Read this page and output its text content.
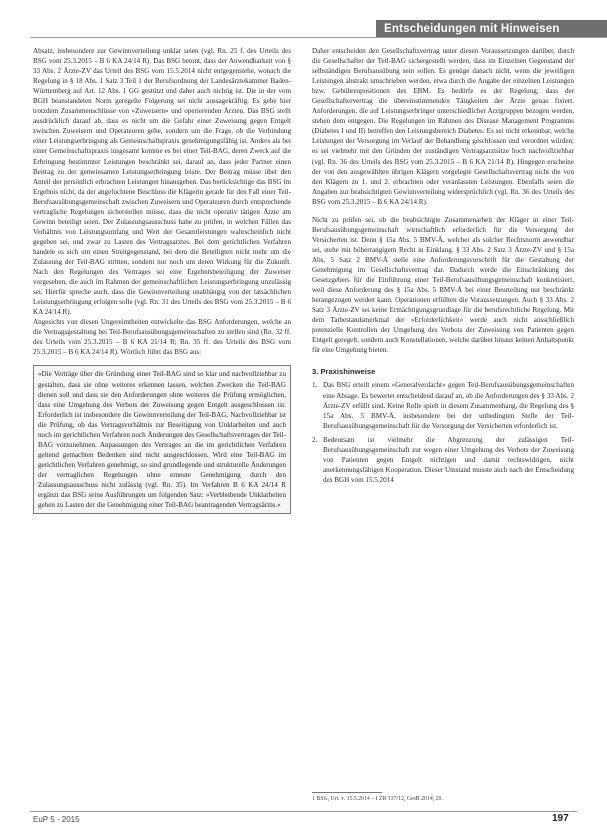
Entscheidungen mit Hinweisen

Absatz, insbesondere zur Gewinnverteilung unklar seien (vgl. Rn. 25 f. des Urteils des BSG vom 25.3.2015 – B 6 KA 24/14 R). Das BSG betont, dass der Anwendbarkeit von § 33 Abs. 2 Ärzte-ZV das Urteil des BSG vom 15.5.2014 nicht entgegenstehe, wonach die Regelung in § 18 Abs. 1 Satz 3 Teil 1 der Berufsordnung der Landesärztekammer Baden-Württemberg auf Art. 12 Abs. 1 GG gestützt und daher auch nichtig ist. Die in der vom BGH beanstandeten Norm geregelte Folgerung sei nicht aussagekräftig. Es gebe hier trotzdem Zusammenschlüsse von »Zuweisern« und operierenden Ärzten. Das BSG stellt ausdrücklich darauf ab, dass es nicht um die Gefahr einer Zuweisung gegen Entgelt zwischen Zuweisern und Operateuren gehe, sondern um die Frage, ob die Verbindung einer Leistungserbringung als Gemeinschaftspraxis genehmigungsfähig ist. Anders als bei einer Gemeinschaftspraxis insgesamt komme es bei einer Teil-BAG, deren Zweck auf die Erbringung bestimmter Leistungen beschränkt sei, darauf an, dass jeder Partner einen Beitrag zu der gemeinsamen Leistungserbringung leiste. Der Beitrag müsse über den Anteil der persönlich erbrachten Leistungen hinausgehen. Das berücksichtige das BSG im Ergebnis nicht, da der angefochtene Beschluss die Klägerin gerade für den Fall einer Teil-Berufsausübungsgemeinschaft zwischen Zuweisern und Operateuren durch entsprechende vertragliche Regelungen sicherstellen müsse, dass die nicht operativ tätigen Ärzte am Gewinn beteiligt seien. Der Zulassungsausschuss habe zu prüfen, in welchen Fällen das Verhältnis von Leistungsumfang und Wert der Gesamtleistungen wahrscheinlich nicht gegeben sei, und zwar zu Lasten des Vertragsarztes. Bei dem gerichtlichen Verfahren handele es sich um einen Streitgegenstand, bei dem die Beteiligten nicht mehr um die Zulassung der Teil-BAG stritten, sondern nur noch um deren Wirkung für die Zukunft. Nach den Regelungen des Vertrages sei eine Ergebnisbeteiligung der Zuweiser vorgesehen, die auch im Rahmen der gemeinschaftlichen Leistungserbringung unzulässig sei. Hierfür spreche auch, dass die Gewinnverteilung unabhängig von der tatsächlichen Leistungserbringung erfolgen solle (vgl. Rn. 31 des Urteils des BSG vom 25.3.2015 – B 6 KA 24/14 R).

Angesichts von diesen Ungereimtheiten entwickelte das BSG Anforderungen, welche an die Vertragsgestaltung bei Teil-Berufsausübungsgemeinschaften zu stellen sind (Rn. 32 ff. des Urteils vom 25.3.2015 – B 6 KA 21/14 R; Rn. 35 ff. des Urteils des BSG vom 25.3.2015 – B 6 KA 24/14 R). Wörtlich führt das BSG aus:

»Die Verträge über die Gründung einer Teil-BAG sind so klar und nachvollziehbar zu gestalten, dass sie ohne weiteres erkennen lassen, welchen Zwecken die Teil-BAG dienen soll und dass sie den Anforderungen ohne weiteres die Prüfung ermöglichen, dass eine Umgehung des Verbots der Zuweisung gegen Entgelt ausgeschlossen ist. Erforderlich ist insbesondere die Gewinnverteilung der Teil-BAG. Nachvollziehbar ist die Prüfung, ob das Vertragsverhältnis zur Beseitigung von Unklarheiten und auch noch im gerichtlichen Verfahren noch Änderungen des Gesellschaftsvertrages der Teil-BAG vorzunehmen. Anpassungen des Vertrages an die im gerichtlichen Verfahren geltend gemachten Bedenken sind nicht ausgeschlossen. Wird eine Teil-BAG im gerichtlichen Verfahren genehmigt, so sind grundlegende und strukturelle Änderungen der vertraglichen Regelungen ohne erneute Genehmigung durch den Zulassungsausschuss nicht zulässig (vgl. Rn. 35). Im Verfahren B 6 KA 24/14 R ergänzt das BSG seine Ausführungen um folgenden Satz: »Verbleibende Unklarheiten gehen zu Lasten der die Genehmigung einer Teil-BAG beantragenden Vertragsärzte.«

Daher entscheiden den Gesellschaftsvertrag unter diesen Voraussetzungen darüber, durch die Gesellschafter der Teil-BAG sichergestellt werden, dass im Einzelnen Gegenstand der selbständigen Berufsausübung sein sollen. Es genüge danach nicht, wenn die jeweiligen Leistungen abstrakt umschrieben werden, etwa durch die Angabe der einzelnen Leistungen bzw. Gebührenpositionen des EBM. Es bedürfe es der Regelung, dass der Gesellschaftervertrag die übereinstimmenden Tätigkeiten der Ärzte genau fixiert. Anforderungen, die auf Leistungserbringer unterschiedlicher Arztgruppen bezogen werden, stehen dem entgegen. Die Regelungen im Rahmen des Disease Management Programms (Diabetes I und II) betreffen den Leistungsbereich Diabetes. Es sei nicht erkennbar, welche Leistungen der Versorgung im Verlauf der Behandlung geschlossen und verordnet würden; es sei vielmehr mit den Gründen der zuständigen Vertragsarztsitze hoch nachvollziehbar (vgl. Rn. 36 des Urteils des BSG vom 25.3.2015 – B 6 KA 21/14 R). Hingegen erscheine der von den ausgewählten übrigen Klägern vorgelegte Gesellschaftsvertrag nicht die von den Klägern zu 1. und 2. erbrachten oder veranlassten Leistungen. Ebenfalls seien die Angaben zur beabsichtigten Gewinnverteilung widersprüchlich (vgl. Rn. 36 des Urteils des BSG vom 25.3.2015 – B 6 KA 24/14 R).

Nicht zu prüfen sei, ob die beabsichtigte Zusammenarbeit der Kläger in einer Teil-Berufsausübungsgemeinschaft wirtschaftlich erforderlich für die Versorgung der Versicherten ist. Denn § 15a Abs. 5 BMV-Ä, welcher als solcher Rechtsnorm anwendbar sei, stehe mit höherrangigem Recht in Einklang. § 33 Abs. 2 Satz 3 Ärzte-ZV und § 15a Abs. 5 Satz 2 BMV-Ä stelle eine Anforderungsvorschrift für die Gestaltung der Genehmigung im Gesellschaftsvertrag dar. Dadurch werde die Einschränkung des Gesetzgebers für die Einführung einer Teil-Berufsausübungsgemeinschaft konkretisiert, weil diese Anforderung des § 15a Abs. 5 BMV-Ä bei einer Beurteilung nur beschränkt herangezogen werden kann. Operationen erfüllten die Voraussetzungen. Auch § 33 Abs. 2 Satz 3 Ärzte-ZV sei keine Ermächtigungsgrundlage für die berufsrechtliche Regelung. Mit dem Tatbestandsmerkmal der »Erforderlichkeit« werde auch nicht ausschließlich potenzielle Kontrollen der Umgehung des Verbots der Zuweisung von Patienten gegen Entgelt geregelt, sondern auch Konstellationen, welche darüber hinaus keinen Anhaltspunkt für eine Umgehung bieten.

3. Praxishinweise
1. Das BSG erteilt einem »Generalverdacht« gegen Teil-Berufsausübungsgemeinschaften eine Absage. Es bewertet entscheidend darauf an, ob die Anforderungen des § 33 Abs. 2 Ärzte-ZV erfüllt sind. Keine Rolle spielt in diesem Zusammenhang, die Regelung des § 15a Abs. 5 BMV-Ä, insbesondere bei der unbedingten Stelle der Teil-Berufsausübungsgemeinschaft für die Versorgung der Versicherten erforderlich ist.
2. Bedeutsam ist vielmehr die Abgrenzung der zulässigen Teil-Berufsausübungsgemeinschaft zur wegen einer Umgehung des Verbots der Zuweisung von Patienten gegen Entgelt nichtigen und damit rechtswidrigen, nicht anerkennungsfähigen Kooperation. Dieser Umstand musste auch nach der Entscheidung des BGH vom 15.5.2014
1 BSG, Urt. v. 15.5.2014 – I ZR 137/12, GesR 2014, 20.
EuP 5 · 2015	197
